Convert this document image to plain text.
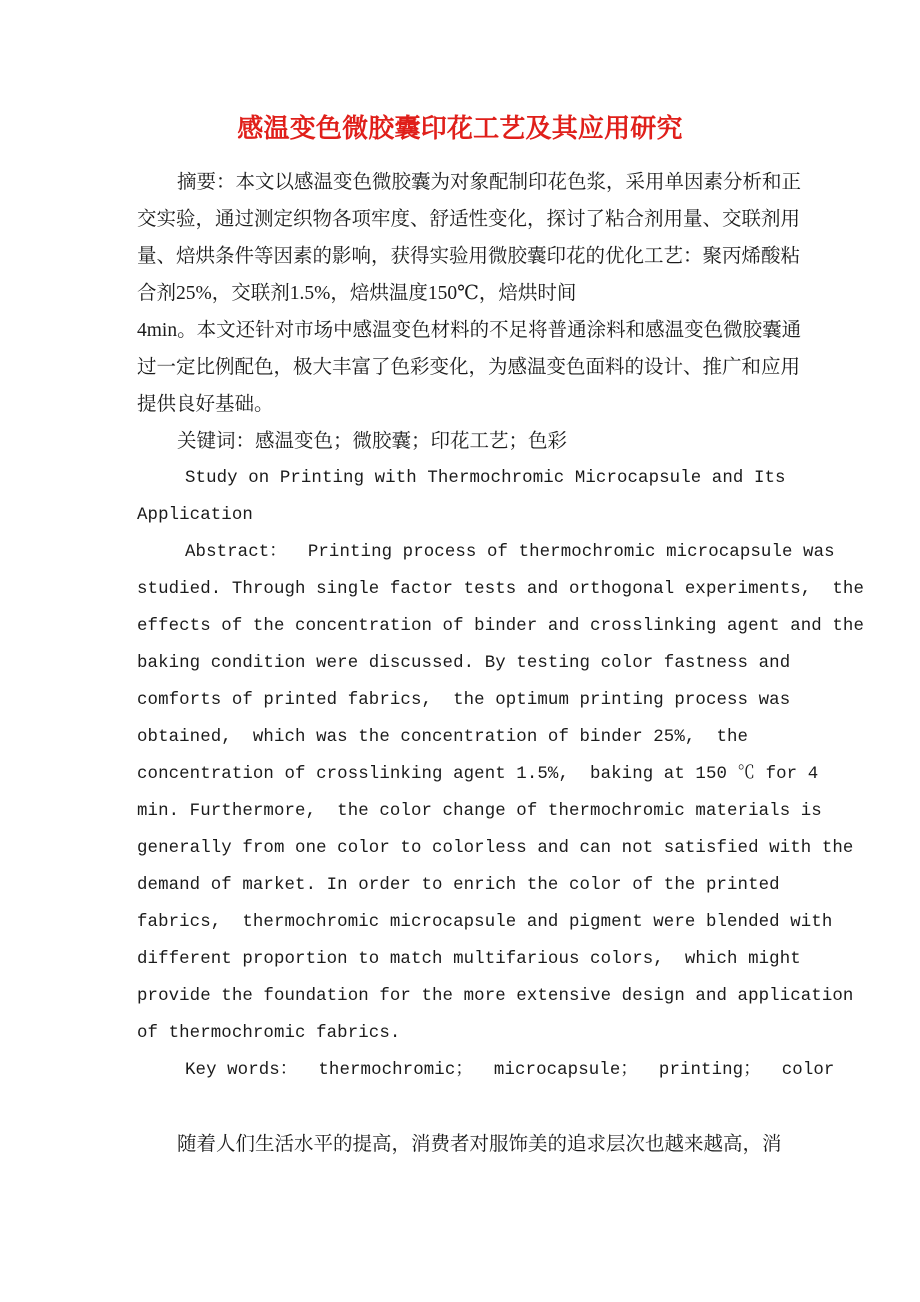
感温变色微胶囊印花工艺及其应用研究
摘要：本文以感温变色微胶囊为对象配制印花色浆，采用单因素分析和正
交实验，通过测定织物各项牢度、舒适性变化，探讨了粘合剂用量、交联剂用
量、焙烘条件等因素的影响，获得实验用微胶囊印花的优化工艺：聚丙烯酸粘
合剂25%，交联剂1.5%，焙烘温度150℃，焙烘时间
4min。本文还针对市场中感温变色材料的不足将普通涂料和感温变色微胶囊通
过一定比例配色，极大丰富了色彩变化，为感温变色面料的设计、推广和应用
提供良好基础。
关键词：感温变色；微胶囊；印花工艺；色彩
Study on Printing with Thermochromic Microcapsule and Its
Application
Abstract：  Printing process of thermochromic microcapsule was
studied. Through single factor tests and orthogonal experiments,  the
effects of the concentration of binder and crosslinking agent and the
baking condition were discussed. By testing color fastness and
comforts of printed fabrics,  the optimum printing process was
obtained,  which was the concentration of binder 25%,  the
concentration of crosslinking agent 1.5%,  baking at 150 ℃ for 4
min. Furthermore,  the color change of thermochromic materials is
generally from one color to colorless and can not satisfied with the
demand of market. In order to enrich the color of the printed
fabrics,  thermochromic microcapsule and pigment were blended with
different proportion to match multifarious colors,  which might
provide the foundation for the more extensive design and application
of thermochromic fabrics.
Key words：  thermochromic；  microcapsule；  printing；  color
随着人们生活水平的提高，消费者对服饰美的追求层次也越来越高，消
